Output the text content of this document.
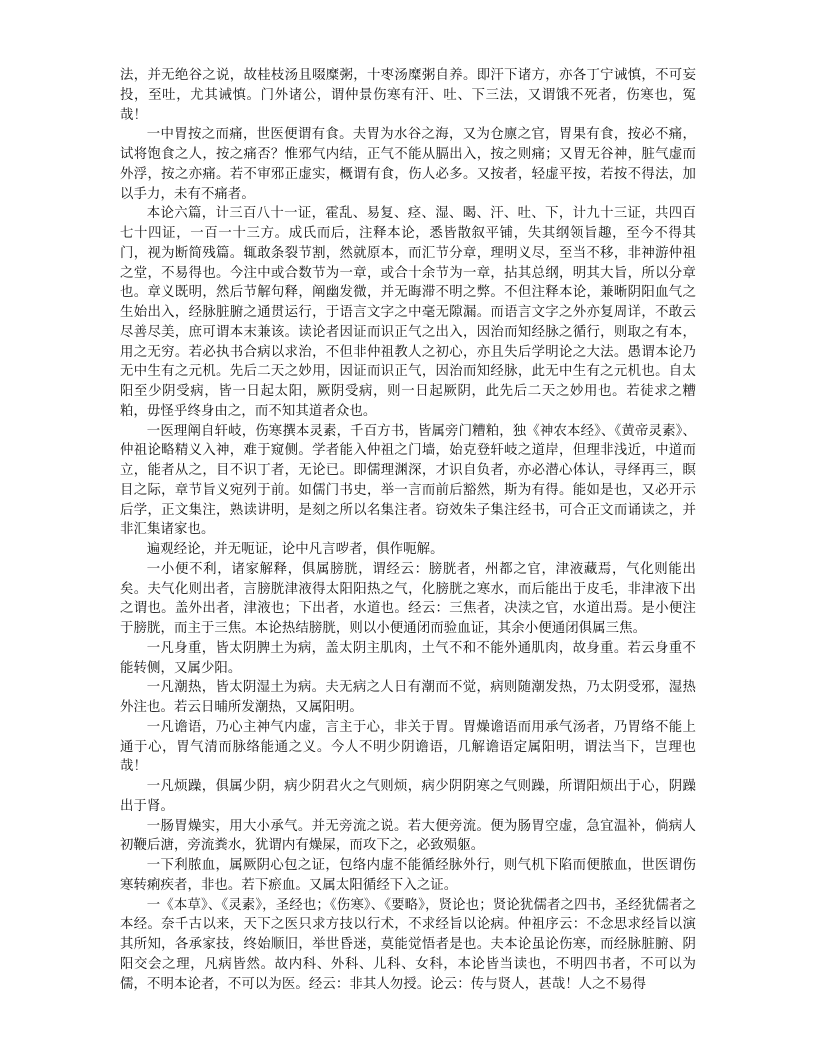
法，并无绝谷之说，故桂枝汤且啜糜粥，十枣汤糜粥自养。即汗下诸方，亦各丁宁诫慎，不可妄投，至吐，尤其诫慎。门外诸公，谓仲景伤寒有汗、吐、下三法，又谓饿不死者，伤寒也，冤哉！

一中胃按之而痛，世医便谓有食。夫胃为水谷之海，又为仓廪之官，胃果有食，按必不痛，试将饱食之人，按之痛否？惟邪气内结，正气不能从膈出入，按之则痛；又胃无谷神，脏气虚而外浮，按之亦痛。若不审邪正虚实，概谓有食，伤人必多。又按者，轻虚平按，若按不得法，加以手力，未有不痛者。

本论六篇，计三百八十一证，霍乱、易复、痉、湿、暍、汗、吐、下，计九十三证，共四百七十四证，一百一十三方。成氏而后，注释本论，悉皆散叙平铺，失其纲领旨趣，至今不得其门，视为断简残篇。辄敢条裂节割，然就原本，而汇节分章，理明义尽，至当不移，非神游仲祖之堂，不易得也。今注中或合数节为一章，或合十余节为一章，拈其总纲，明其大旨，所以分章也。章义既明，然后节解句释，阐幽发微，并无晦滞不明之弊。不但注释本论，兼晰阴阳血气之生始出入，经脉脏腑之通贯运行，于语言文字之中毫无隙漏。而语言文字之外亦复周详，不敢云尽善尽美，庶可谓本末兼该。读论者因证而识正气之出入，因治而知经脉之循行，则取之有本，用之无穷。若必执书合病以求治，不但非仲祖教人之初心，亦且失后学明论之大法。愚谓本论乃无中生有之元机。先后二天之妙用，因证而识正气，因治而知经脉，此无中生有之元机也。自太阳至少阴受病，皆一日起太阳，厥阴受病，则一日起厥阴，此先后二天之妙用也。若徒求之糟粕，毋怪乎终身由之，而不知其道者众也。

一医理阐自轩岐，伤寒撰本灵素，千百方书，皆属旁门糟粕，独《神农本经》、《黄帝灵素》、仲祖论略精义入神，难于窥侧。学者能入仲祖之门墙，始克登轩岐之道岸，但理非浅近，中道而立，能者从之，目不识丁者，无论已。即儒理渊深，才识自负者，亦必潜心体认，寻绎再三，瞑目之际，章节旨义宛列于前。如儒门书史，举一言而前后豁然，斯为有得。能如是也，又必开示后学，正文集注，熟读讲明，是刻之所以名集注者。窃效朱子集注经书，可合正文而诵读之，并非汇集诸家也。

遍观经论，并无呃证，论中凡言哕者，俱作呃解。

一小便不利，诸家解释，俱属膀胱，谓经云：膀胱者，州都之官，津液藏焉，气化则能出矣。夫气化则出者，言膀胱津液得太阳阳热之气，化膀胱之寒水，而后能出于皮毛，非津液下出之谓也。盖外出者，津液也；下出者，水道也。经云：三焦者，决渎之官，水道出焉。是小便注于膀胱，而主于三焦。本论热结膀胱，则以小便通闭而验血证，其余小便通闭俱属三焦。

一凡身重，皆太阴脾土为病，盖太阴主肌肉，土气不和不能外通肌肉，故身重。若云身重不能转侧，又属少阳。

一凡潮热，皆太阴湿土为病。夫无病之人日有潮而不觉，病则随潮发热，乃太阴受邪，湿热外注也。若云日晡所发潮热，又属阳明。

一凡谵语，乃心主神气内虚，言主于心，非关于胃。胃燥谵语而用承气汤者，乃胃络不能上通于心，胃气清而脉络能通之义。今人不明少阴谵语，几解谵语定属阳明，谓法当下，岂理也哉！

一凡烦躁，俱属少阴，病少阴君火之气则烦，病少阴阴寒之气则躁，所谓阳烦出于心，阴躁出于肾。

一肠胃燥实，用大小承气。并无旁流之说。若大便旁流。便为肠胃空虚，急宜温补，倘病人初鞭后溏，旁流粪水，犹谓内有燥屎，而攻下之，必致殒躯。

一下利脓血，属厥阴心包之证，包络内虚不能循经脉外行，则气机下陷而便脓血，世医谓伤寒转痢疾者，非也。若下瘀血。又属太阳循经下入之证。

一《本草》、《灵素》，圣经也；《伤寒》、《要略》，贤论也；贤论犹儒者之四书，圣经犹儒者之本经。奈千古以来，天下之医只求方技以行术，不求经旨以论病。仲祖序云：不念思求经旨以演其所知，各承家技，终始顺旧，举世昏迷，莫能觉悟者是也。夫本论虽论伤寒，而经脉脏腑、阴阳交会之理，凡病皆然。故内科、外科、儿科、女科，本论皆当读也，不明四书者，不可以为儒，不明本论者，不可以为医。经云：非其人勿授。论云：传与贤人，甚哉！人之不易得
